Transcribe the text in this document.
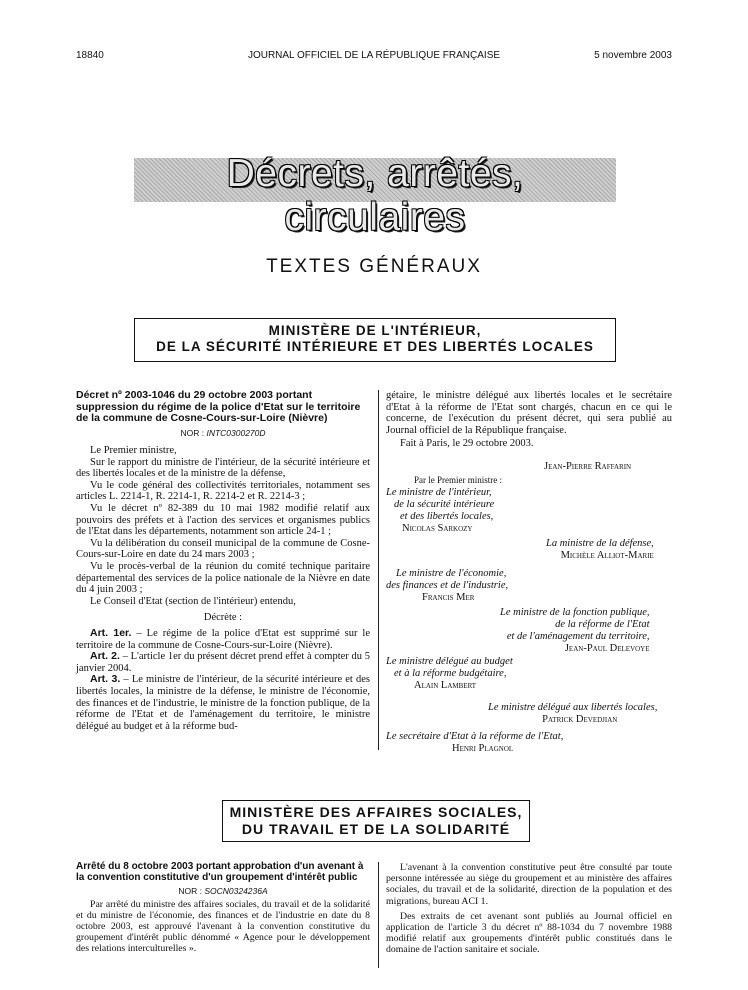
18840	JOURNAL OFFICIEL DE LA RÉPUBLIQUE FRANÇAISE	5 novembre 2003
Décrets, arrêtés, circulaires
TEXTES GÉNÉRAUX
MINISTÈRE DE L'INTÉRIEUR,
DE LA SÉCURITÉ INTÉRIEURE ET DES LIBERTÉS LOCALES

Décret nº 2003-1046 du 29 octobre 2003 portant suppression du régime de la police d'Etat sur le territoire de la commune de Cosne-Cours-sur-Loire (Nièvre)

NOR : INTC0300270D

Le Premier ministre,

Sur le rapport du ministre de l'intérieur, de la sécurité intérieure et des libertés locales et de la ministre de la défense,

Vu le code général des collectivités territoriales, notamment ses articles L. 2214-1, R. 2214-1, R. 2214-2 et R. 2214-3 ;

Vu le décret nº 82-389 du 10 mai 1982 modifié relatif aux pouvoirs des préfets et à l'action des services et organismes publics de l'Etat dans les départements, notamment son article 24-1 ;

Vu la délibération du conseil municipal de la commune de Cosne-Cours-sur-Loire en date du 24 mars 2003 ;

Vu le procès-verbal de la réunion du comité technique paritaire départemental des services de la police nationale de la Nièvre en date du 4 juin 2003 ;

Le Conseil d'Etat (section de l'intérieur) entendu,

Décrète :

Art. 1er. – Le régime de la police d'Etat est supprimé sur le territoire de la commune de Cosne-Cours-sur-Loire (Nièvre).

Art. 2. – L'article 1er du présent décret prend effet à compter du 5 janvier 2004.

Art. 3. – Le ministre de l'intérieur, de la sécurité intérieure et des libertés locales, la ministre de la défense, le ministre de l'économie, des finances et de l'industrie, le ministre de la fonction publique, de la réforme de l'Etat et de l'aménagement du territoire, le ministre délégué au budget et à la réforme bud-

gétaire, le ministre délégué aux libertés locales et le secrétaire d'Etat à la réforme de l'Etat sont chargés, chacun en ce qui le concerne, de l'exécution du présent décret, qui sera publié au Journal officiel de la République française.

Fait à Paris, le 29 octobre 2003.

Jean-Pierre Raffarin
Par le Premier ministre :
Le ministre de l'intérieur,
de la sécurité intérieure
et des libertés locales,
Nicolas Sarkozy
La ministre de la défense,
Michèle Alliot-Marie
Le ministre de l'économie,
des finances et de l'industrie,
Francis Mer
Le ministre de la fonction publique,
de la réforme de l'Etat
et de l'aménagement du territoire,
Jean-Paul Delevoye
Le ministre délégué au budget
et à la réforme budgétaire,
Alain Lambert
Le ministre délégué aux libertés locales,
Patrick Devedjian
Le secrétaire d'Etat à la réforme de l'Etat,
Henri Plagnol
MINISTÈRE DES AFFAIRES SOCIALES,
DU TRAVAIL ET DE LA SOLIDARITÉ

Arrêté du 8 octobre 2003 portant approbation d'un avenant à la convention constitutive d'un groupement d'intérêt public

NOR : SOCN0324236A

Par arrêté du ministre des affaires sociales, du travail et de la solidarité et du ministre de l'économie, des finances et de l'industrie en date du 8 octobre 2003, est approuvé l'avenant à la convention constitutive du groupement d'intérêt public dénommé « Agence pour le développement des relations interculturelles ».

L'avenant à la convention constitutive peut être consulté par toute personne intéressée au siège du groupement et au ministère des affaires sociales, du travail et de la solidarité, direction de la population et des migrations, bureau ACI 1.

Des extraits de cet avenant sont publiés au Journal officiel en application de l'article 3 du décret nº 88-1034 du 7 novembre 1988 modifié relatif aux groupements d'intérêt public constitués dans le domaine de l'action sanitaire et sociale.
